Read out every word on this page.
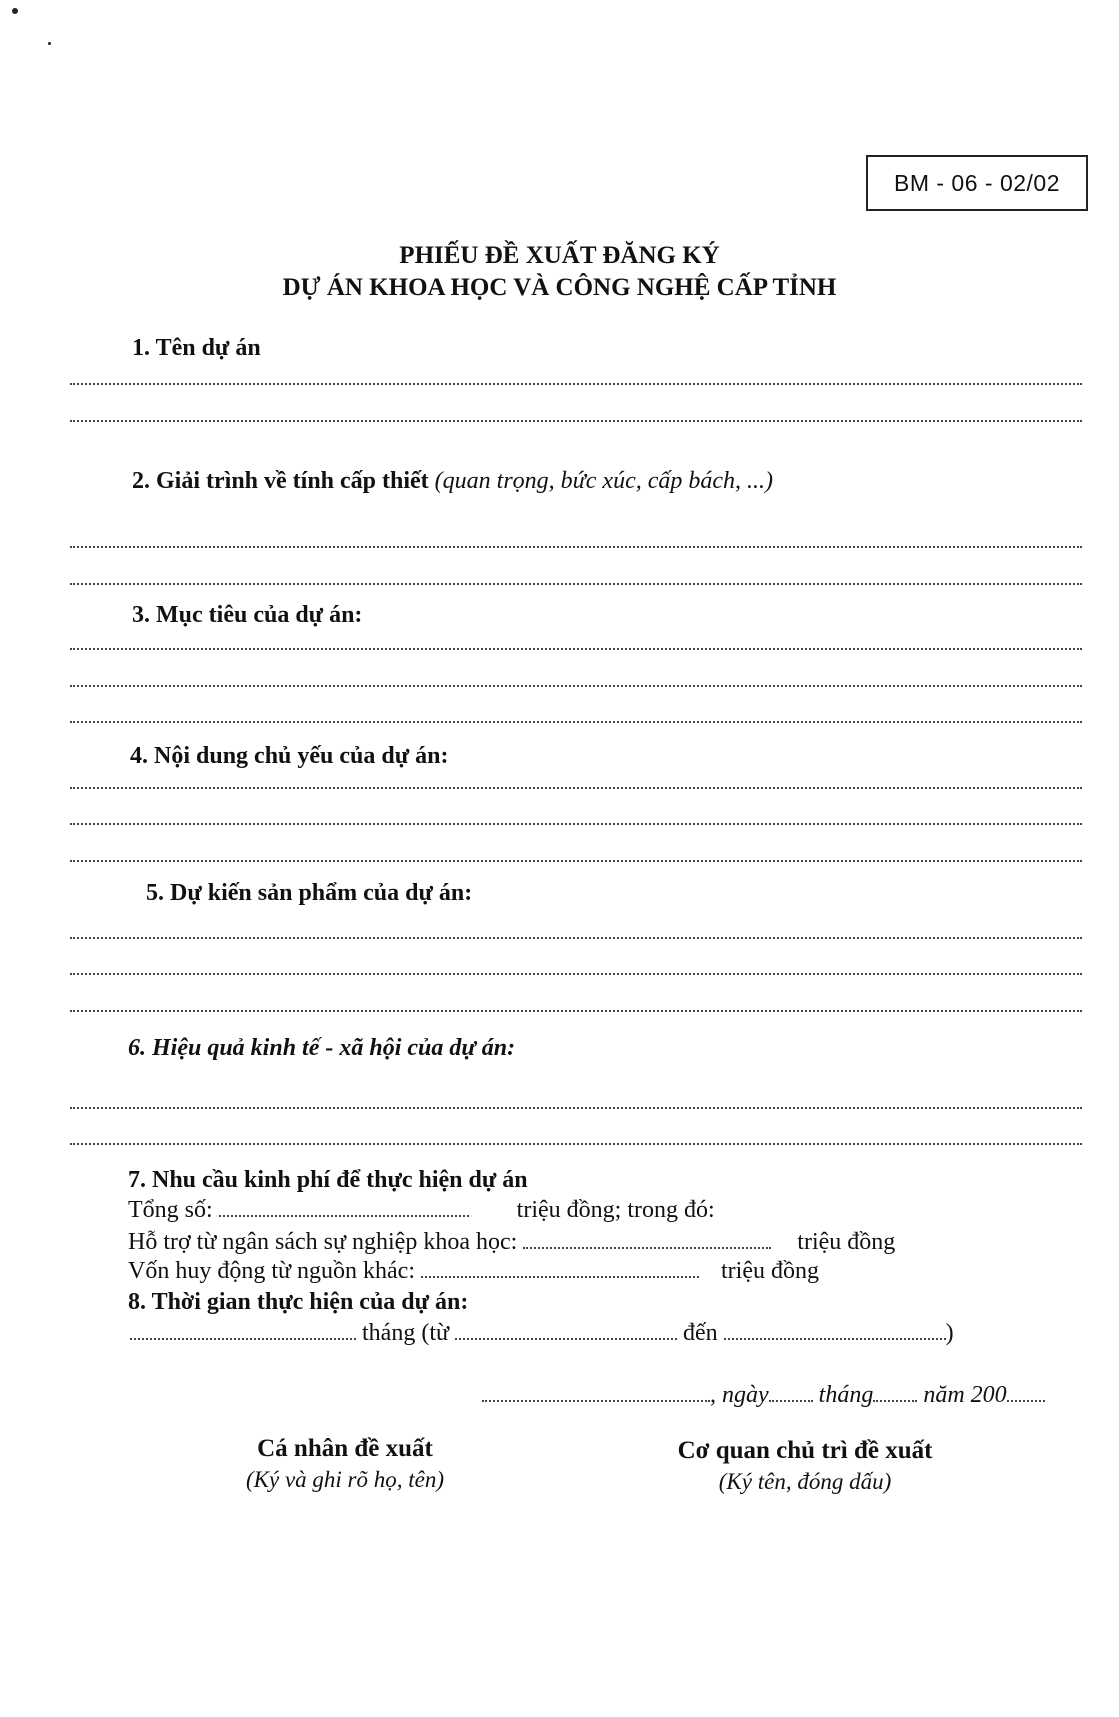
BM - 06 - 02/02
PHIẾU ĐỀ XUẤT ĐĂNG KÝ
DỰ ÁN KHOA HỌC VÀ CÔNG NGHỆ CẤP TỈNH
1. Tên dự án
2. Giải trình về tính cấp thiết (quan trọng, bức xúc, cấp bách, ...)
3. Mục tiêu của dự án:
4. Nội dung chủ yếu của dự án:
5. Dự kiến sản phẩm của dự án:
6. Hiệu quả kinh tế - xã hội của dự án:
7. Nhu cầu kinh phí để thực hiện dự án
Tổng số:	triệu đồng; trong đó:
Hỗ trợ từ ngân sách sự nghiệp khoa học:	triệu đồng
Vốn huy động từ nguồn khác:	triệu đồng
8. Thời gian thực hiện của dự án:
tháng (từ	đến	)
, ngày tháng năm 200
Cá nhân đề xuất
(Ký và ghi rõ họ, tên)
Cơ quan chủ trì đề xuất
(Ký tên, đóng dấu)
